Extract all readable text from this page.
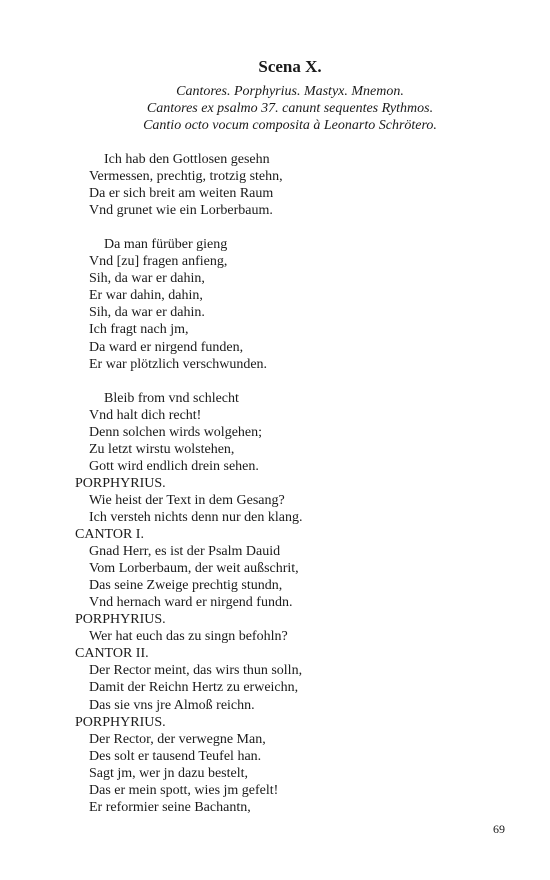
Scena X.
Cantores. Porphyrius. Mastyx. Mnemon.
Cantores ex psalmo 37. canunt sequentes Rythmos.
Cantio octo vocum composita à Leonarto Schrötero.
Ich hab den Gottlosen gesehn
Vermessen, prechtig, trotzig stehn,
Da er sich breit am weiten Raum
Vnd grunet wie ein Lorberbaum.
Da man fürüber gieng
Vnd [zu] fragen anfieng,
Sih, da war er dahin,
Er war dahin, dahin,
Sih, da war er dahin.
Ich fragt nach jm,
Da ward er nirgend funden,
Er war plötzlich verschwunden.
Bleib from vnd schlecht
Vnd halt dich recht!
Denn solchen wirds wolgehen;
Zu letzt wirstu wolstehen,
Gott wird endlich drein sehen.
PORPHYRIUS.
Wie heist der Text in dem Gesang?
Ich versteh nichts denn nur den klang.
CANTOR I.
Gnad Herr, es ist der Psalm Dauid
Vom Lorberbaum, der weit außschrit,
Das seine Zweige prechtig stundn,
Vnd hernach ward er nirgend fundn.
PORPHYRIUS.
Wer hat euch das zu singn befohln?
CANTOR II.
Der Rector meint, das wirs thun solln,
Damit der Reichn Hertz zu erweichn,
Das sie vns jre Almoß reichn.
PORPHYRIUS.
Der Rector, der verwegne Man,
Des solt er tausend Teufel han.
Sagt jm, wer jn dazu bestelt,
Das er mein spott, wies jm gefelt!
Er reformier seine Bachantn,
69
